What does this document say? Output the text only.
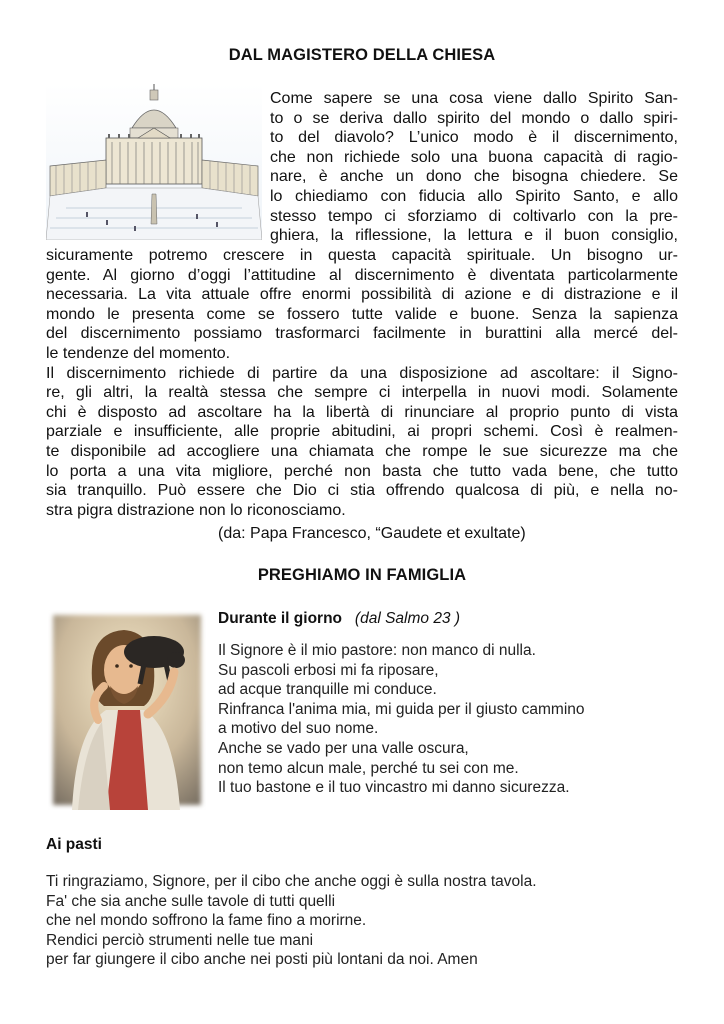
DAL MAGISTERO DELLA CHIESA
Come sapere se una cosa viene dallo Spirito San-
to o se deriva dallo spirito del mondo o dallo spiri-
to del diavolo? L’unico modo è il discernimento,
che non richiede solo una buona capacità di ragio-
nare, è anche un dono che bisogna chiedere. Se
lo chiediamo con fiducia allo Spirito Santo, e allo
stesso tempo ci sforziamo di coltivarlo con la pre-
ghiera, la riflessione, la lettura e il buon consiglio,
sicuramente potremo crescere in questa capacità spirituale. Un bisogno ur-
gente. Al giorno d’oggi l’attitudine al discernimento è diventata particolarmente
necessaria. La vita attuale offre enormi possibilità di azione e di distrazione e il
mondo le presenta come se fossero tutte valide e buone. Senza la sapienza
del discernimento possiamo trasformarci facilmente in burattini alla mercé del-
le tendenze del momento.
Il discernimento richiede di partire da una disposizione ad ascoltare: il Signo-
re, gli altri, la realtà stessa che sempre ci interpella in nuovi modi. Solamente
chi è disposto ad ascoltare ha la libertà di rinunciare al proprio punto di vista
parziale e insufficiente, alle proprie abitudini, ai propri schemi. Così è realmen-
te disponibile ad accogliere una chiamata che rompe le sue sicurezze ma che
lo porta a una vita migliore, perché non basta che tutto vada bene, che tutto
sia tranquillo. Può essere che Dio ci stia offrendo qualcosa di più, e nella no-
stra pigra distrazione non lo riconosciamo.
(da: Papa Francesco, “Gaudete et exultate)
PREGHIAMO IN FAMIGLIA
Durante il giorno (dal Salmo 23 )
Il Signore è il mio pastore: non manco di nulla.
Su pascoli erbosi mi fa riposare,
ad acque tranquille mi conduce.
Rinfranca l'anima mia, mi guida per il giusto cammino
a motivo del suo nome.
Anche se vado per una valle oscura,
non temo alcun male, perché tu sei con me.
Il tuo bastone e il tuo vincastro mi danno sicurezza.
Ai pasti
Ti ringraziamo, Signore, per il cibo che anche oggi è sulla nostra tavola.
Fa' che sia anche sulle tavole di tutti quelli
che nel mondo soffrono la fame fino a morirne.
Rendici perciò strumenti nelle tue mani
per far giungere il cibo anche nei posti più lontani da noi. Amen
